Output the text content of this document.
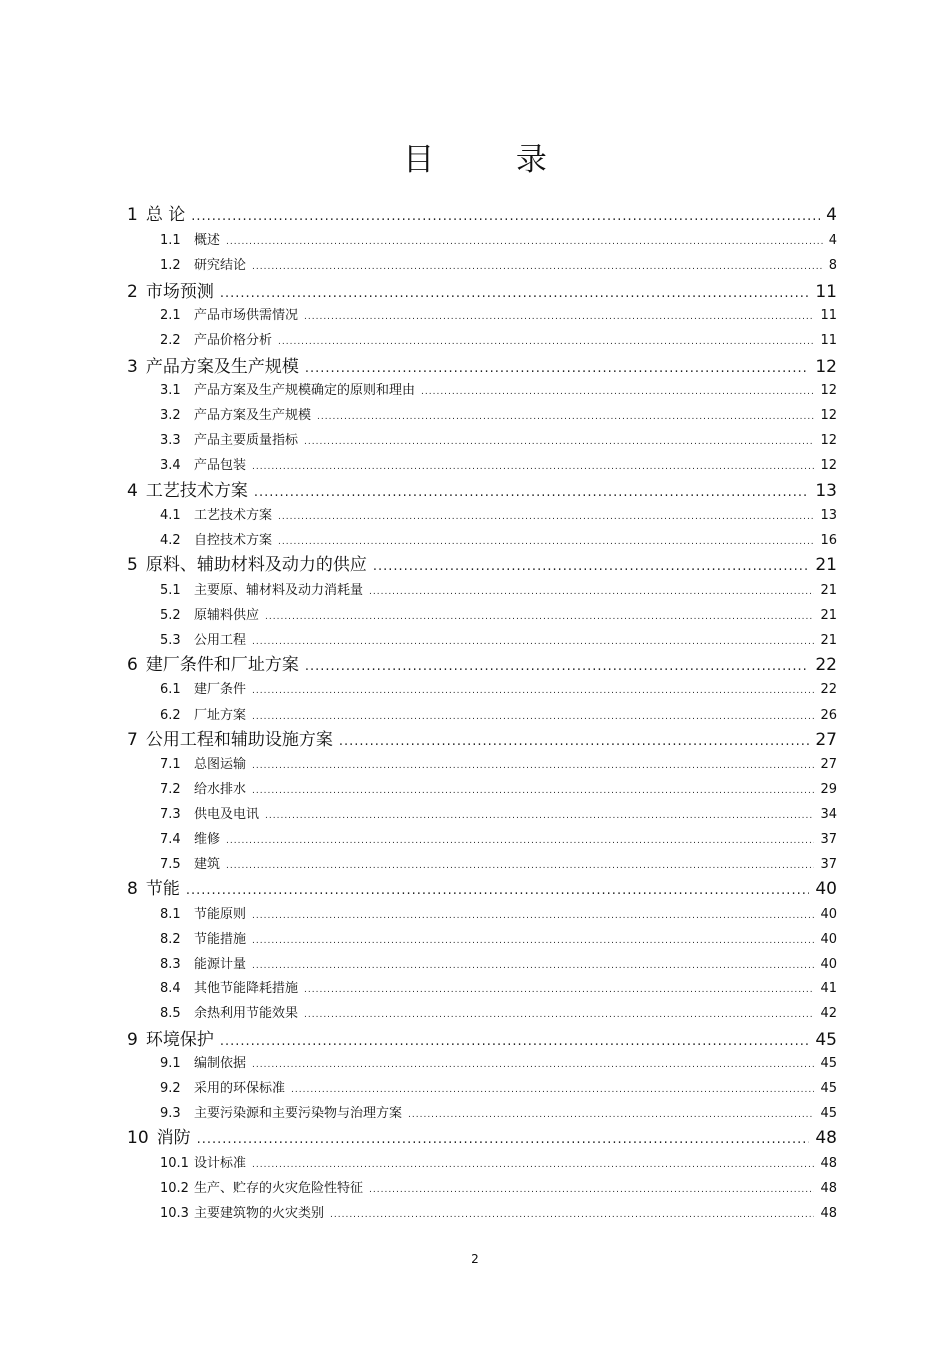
目 录
1 总 论 .....	4
1.1	概述 .....	4
1.2	研究结论 .....	8
2 市场预测 .....	11
2.1	产品市场供需情况 .....	11
2.2	产品价格分析 .....	11
3 产品方案及生产规模 .....	12
3.1	产品方案及生产规模确定的原则和理由 .....	12
3.2	产品方案及生产规模 .....	12
3.3	产品主要质量指标 .....	12
3.4	产品包装 .....	12
4 工艺技术方案 .....	13
4.1	工艺技术方案 .....	13
4.2	自控技术方案 .....	16
5 原料、辅助材料及动力的供应 .....	21
5.1	主要原、辅材料及动力消耗量 .....	21
5.2	原辅料供应 .....	21
5.3	公用工程 .....	21
6 建厂条件和厂址方案 .....	22
6.1	建厂条件 .....	22
6.2	厂址方案 .....	26
7 公用工程和辅助设施方案 .....	27
7.1	总图运输 .....	27
7.2	给水排水 .....	29
7.3	供电及电讯 .....	34
7.4	维修 .....	37
7.5	建筑 .....	37
8 节能 .....	40
8.1	节能原则 .....	40
8.2	节能措施 .....	40
8.3	能源计量 .....	40
8.4	其他节能降耗措施 .....	41
8.5	余热利用节能效果 .....	42
9 环境保护 .....	45
9.1	编制依据 .....	45
9.2	采用的环保标准 .....	45
9.3	主要污染源和主要污染物与治理方案 .....	45
10 消防 .....	48
10.1 设计标准 .....	48
10.2 生产、贮存的火灾危险性特征 .....	48
10.3 主要建筑物的火灾类别 .....	48
2
